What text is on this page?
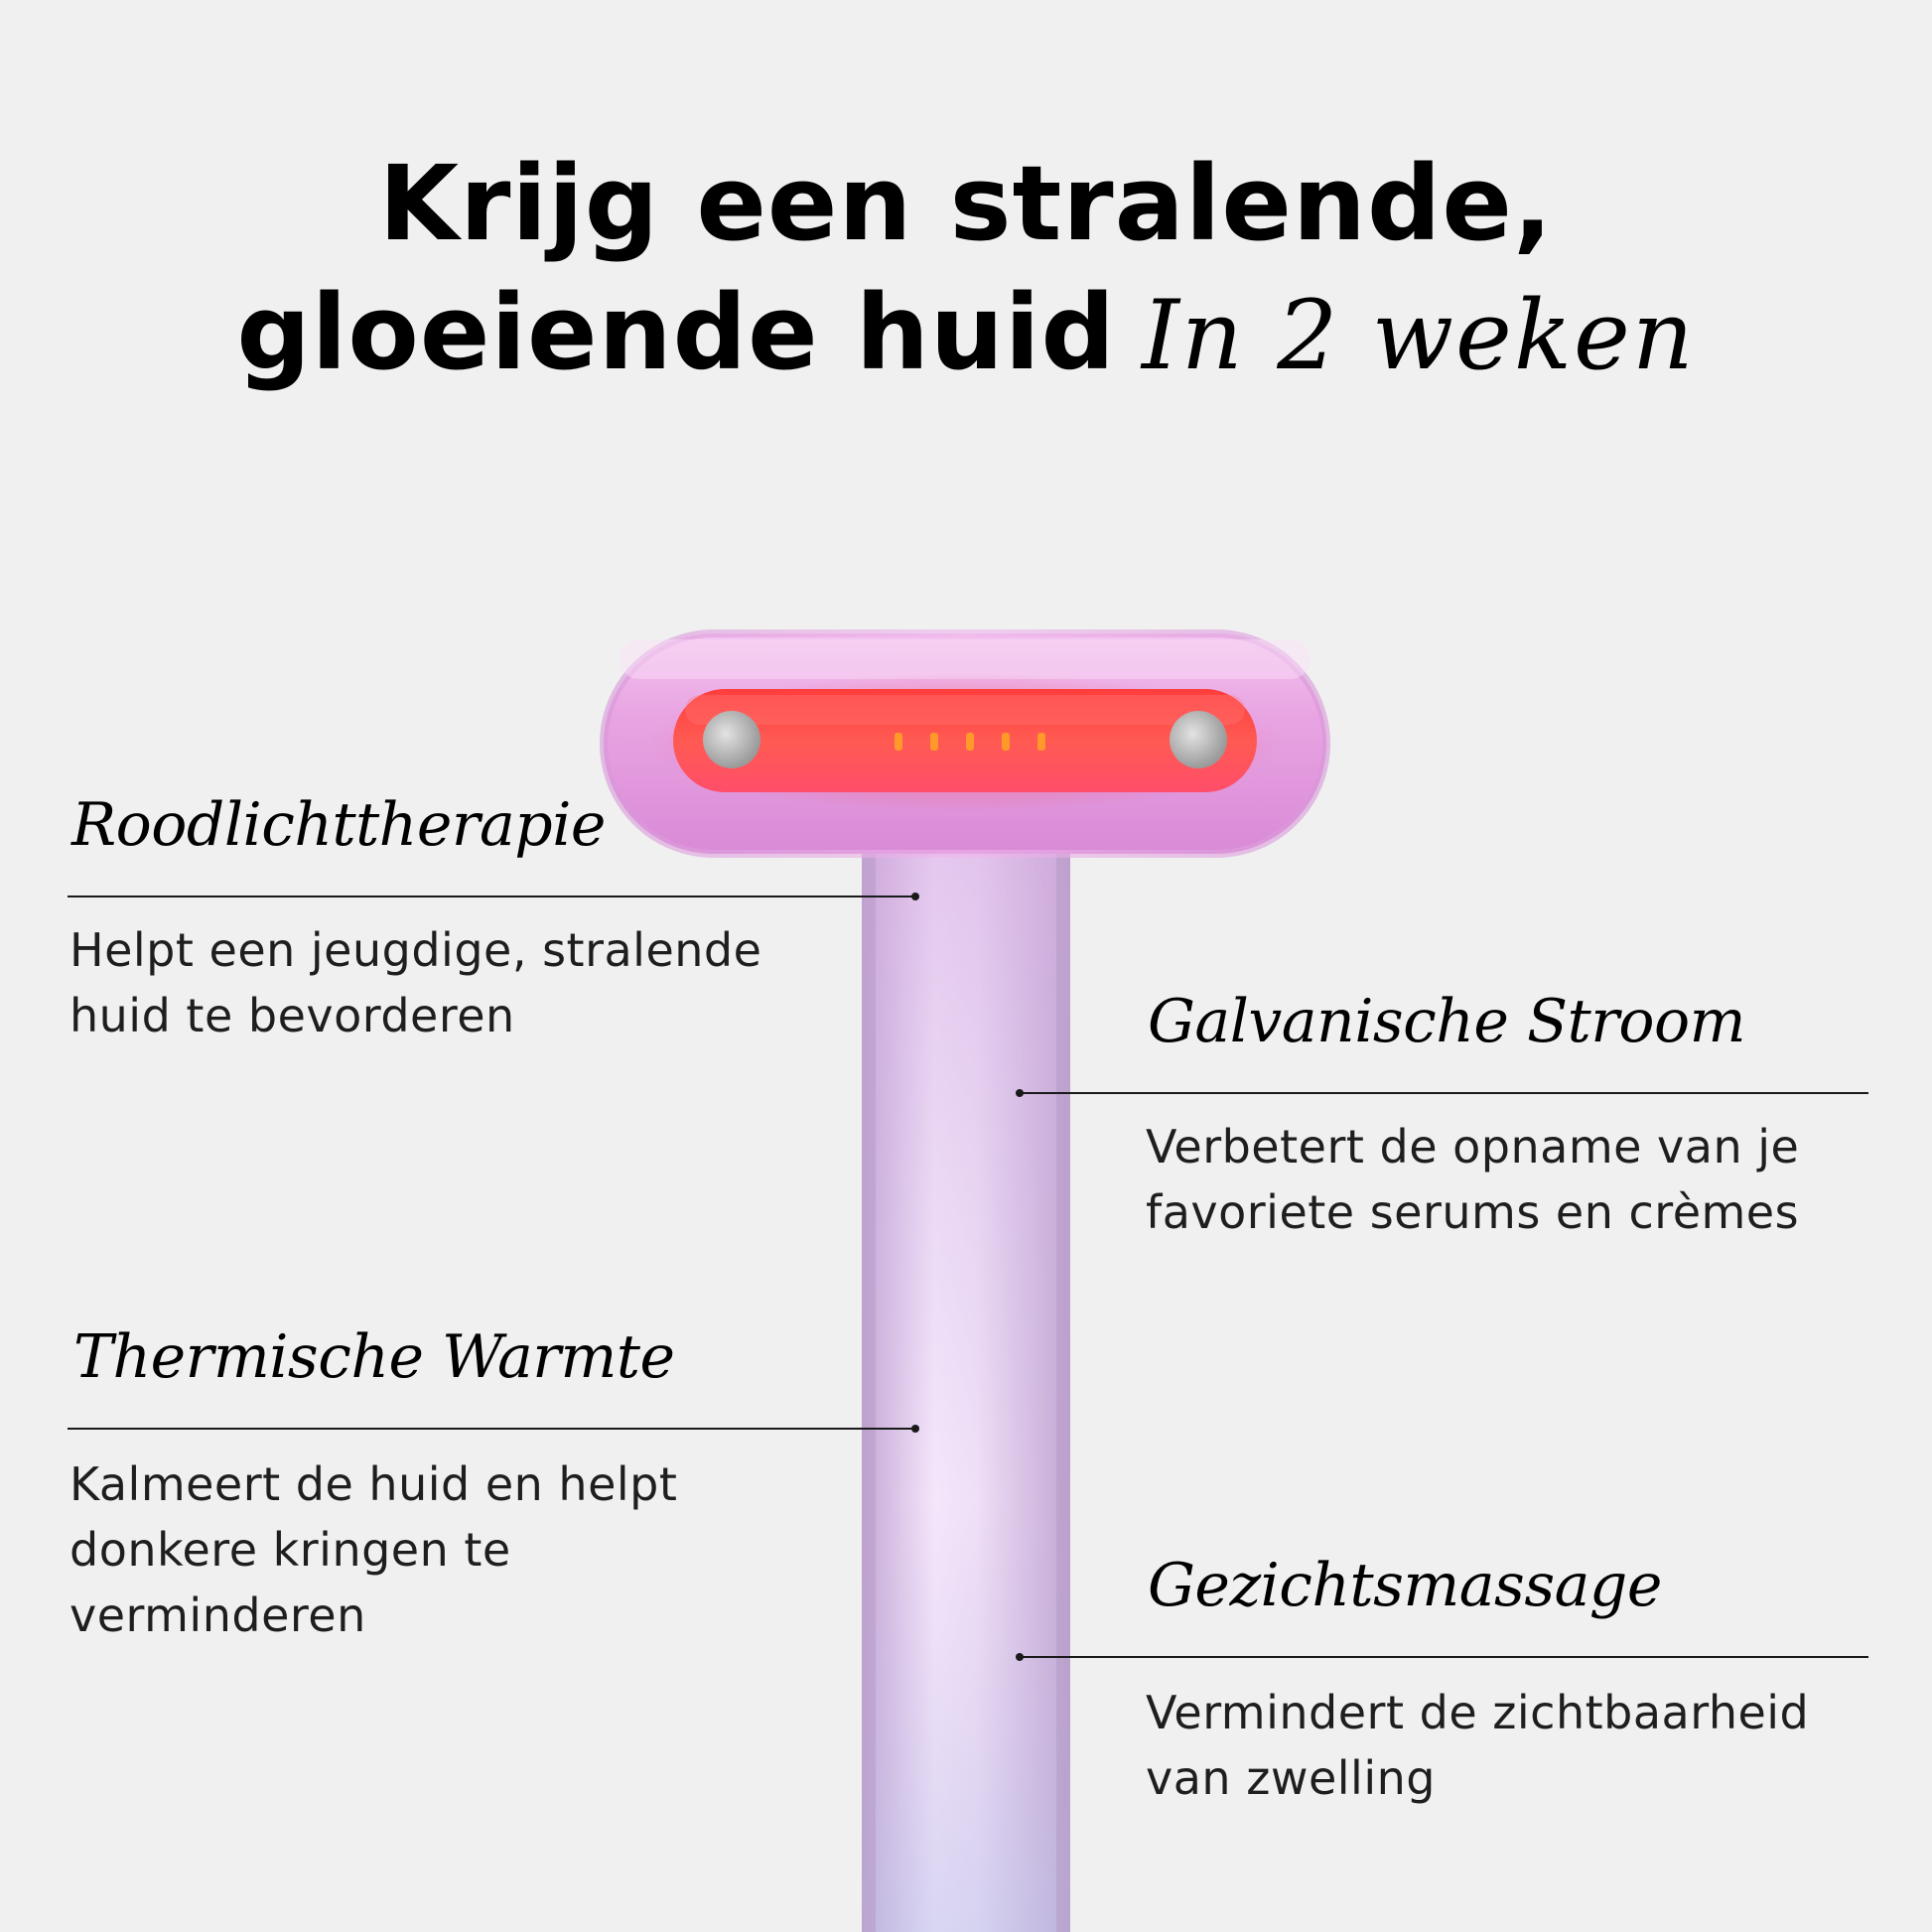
Krijg een stralende,
gloeiende huid In 2 weken
Roodlichttherapie
Helpt een jeugdige, stralende huid te bevorderen	Galvanische Stroom
Verbetert de opname van je favoriete serums en crèmes
Thermische Warmte
Kalmeert de huid en helpt donkere kringen te verminderen	Gezichtsmassage
Vermindert de zichtbaarheid van zwelling
